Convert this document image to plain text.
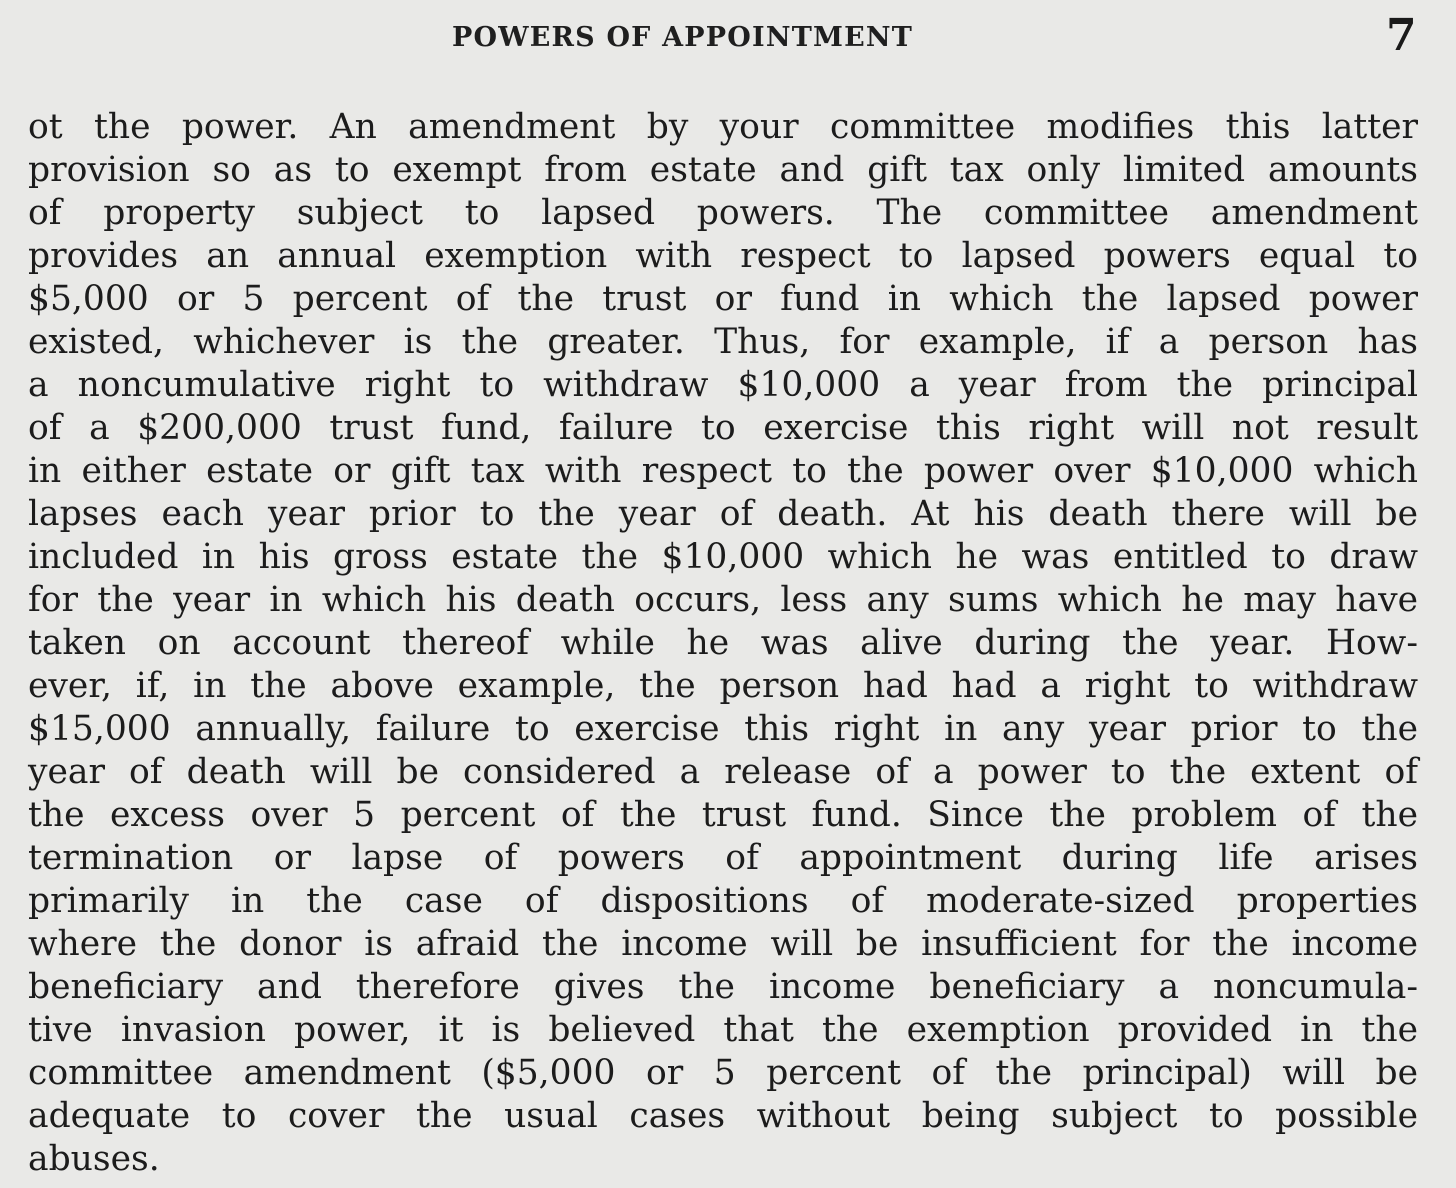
POWERS OF APPOINTMENT	7
ot the power. An amendment by your committee modifies this latter
provision so as to exempt from estate and gift tax only limited amounts
of property subject to lapsed powers. The committee amendment
provides an annual exemption with respect to lapsed powers equal to
$5,000 or 5 percent of the trust or fund in which the lapsed power
existed, whichever is the greater. Thus, for example, if a person has
a noncumulative right to withdraw $10,000 a year from the principal
of a $200,000 trust fund, failure to exercise this right will not result
in either estate or gift tax with respect to the power over $10,000 which
lapses each year prior to the year of death. At his death there will be
included in his gross estate the $10,000 which he was entitled to draw
for the year in which his death occurs, less any sums which he may have
taken on account thereof while he was alive during the year. How-
ever, if, in the above example, the person had had a right to withdraw
$15,000 annually, failure to exercise this right in any year prior to the
year of death will be considered a release of a power to the extent of
the excess over 5 percent of the trust fund. Since the problem of the
termination or lapse of powers of appointment during life arises
primarily in the case of dispositions of moderate-sized properties
where the donor is afraid the income will be insufficient for the income
beneficiary and therefore gives the income beneficiary a noncumula-
tive invasion power, it is believed that the exemption provided in the
committee amendment ($5,000 or 5 percent of the principal) will be
adequate to cover the usual cases without being subject to possible
abuses.
